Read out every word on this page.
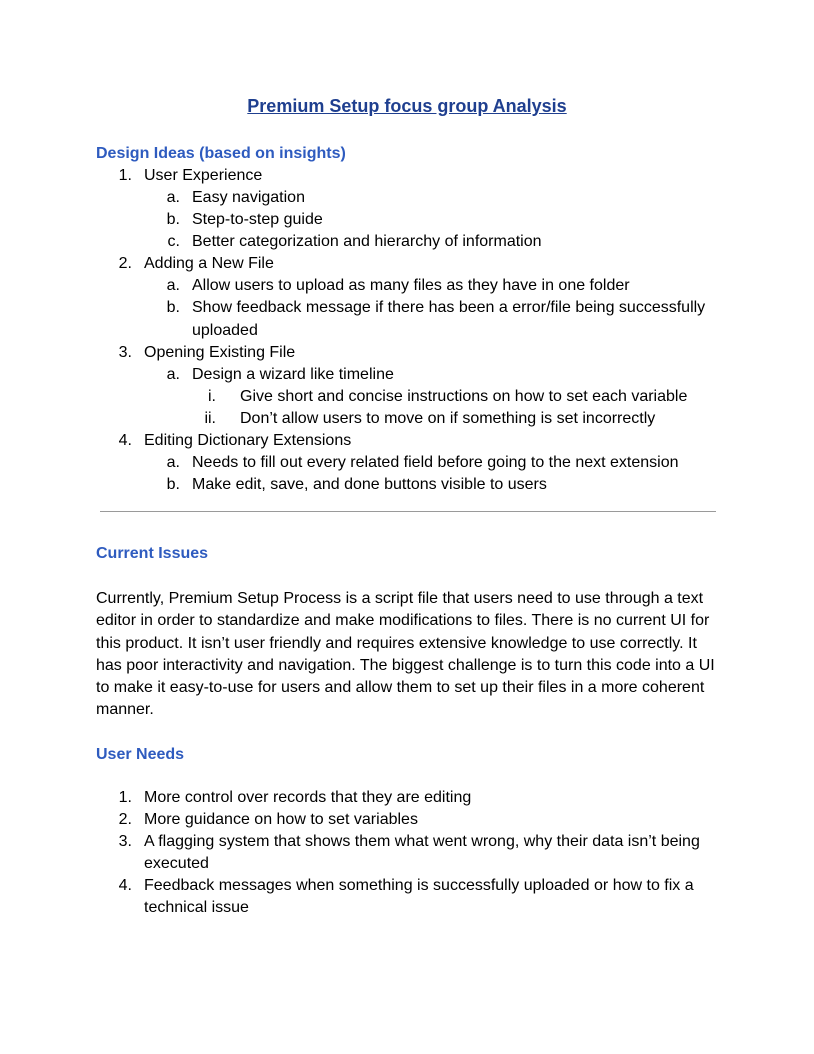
Premium Setup focus group Analysis
Design Ideas (based on insights)
1. User Experience
a. Easy navigation
b. Step-to-step guide
c. Better categorization and hierarchy of information
2. Adding a New File
a. Allow users to upload as many files as they have in one folder
b. Show feedback message if there has been a error/file being successfully
uploaded
3. Opening Existing File
a. Design a wizard like timeline
i. Give short and concise instructions on how to set each variable
ii. Don’t allow users to move on if something is set incorrectly
4. Editing Dictionary Extensions
a. Needs to fill out every related field before going to the next extension
b. Make edit, save, and done buttons visible to users
Current Issues
Currently, Premium Setup Process is a script file that users need to use through a text editor in order to standardize and make modifications to files. There is no current UI for this product. It isn’t user friendly and requires extensive knowledge to use correctly. It has poor interactivity and navigation. The biggest challenge is to turn this code into a UI to make it easy-to-use for users and allow them to set up their files in a more coherent manner.
User Needs
1. More control over records that they are editing
2. More guidance on how to set variables
3. A flagging system that shows them what went wrong, why their data isn’t being
executed
4. Feedback messages when something is successfully uploaded or how to fix a
technical issue
